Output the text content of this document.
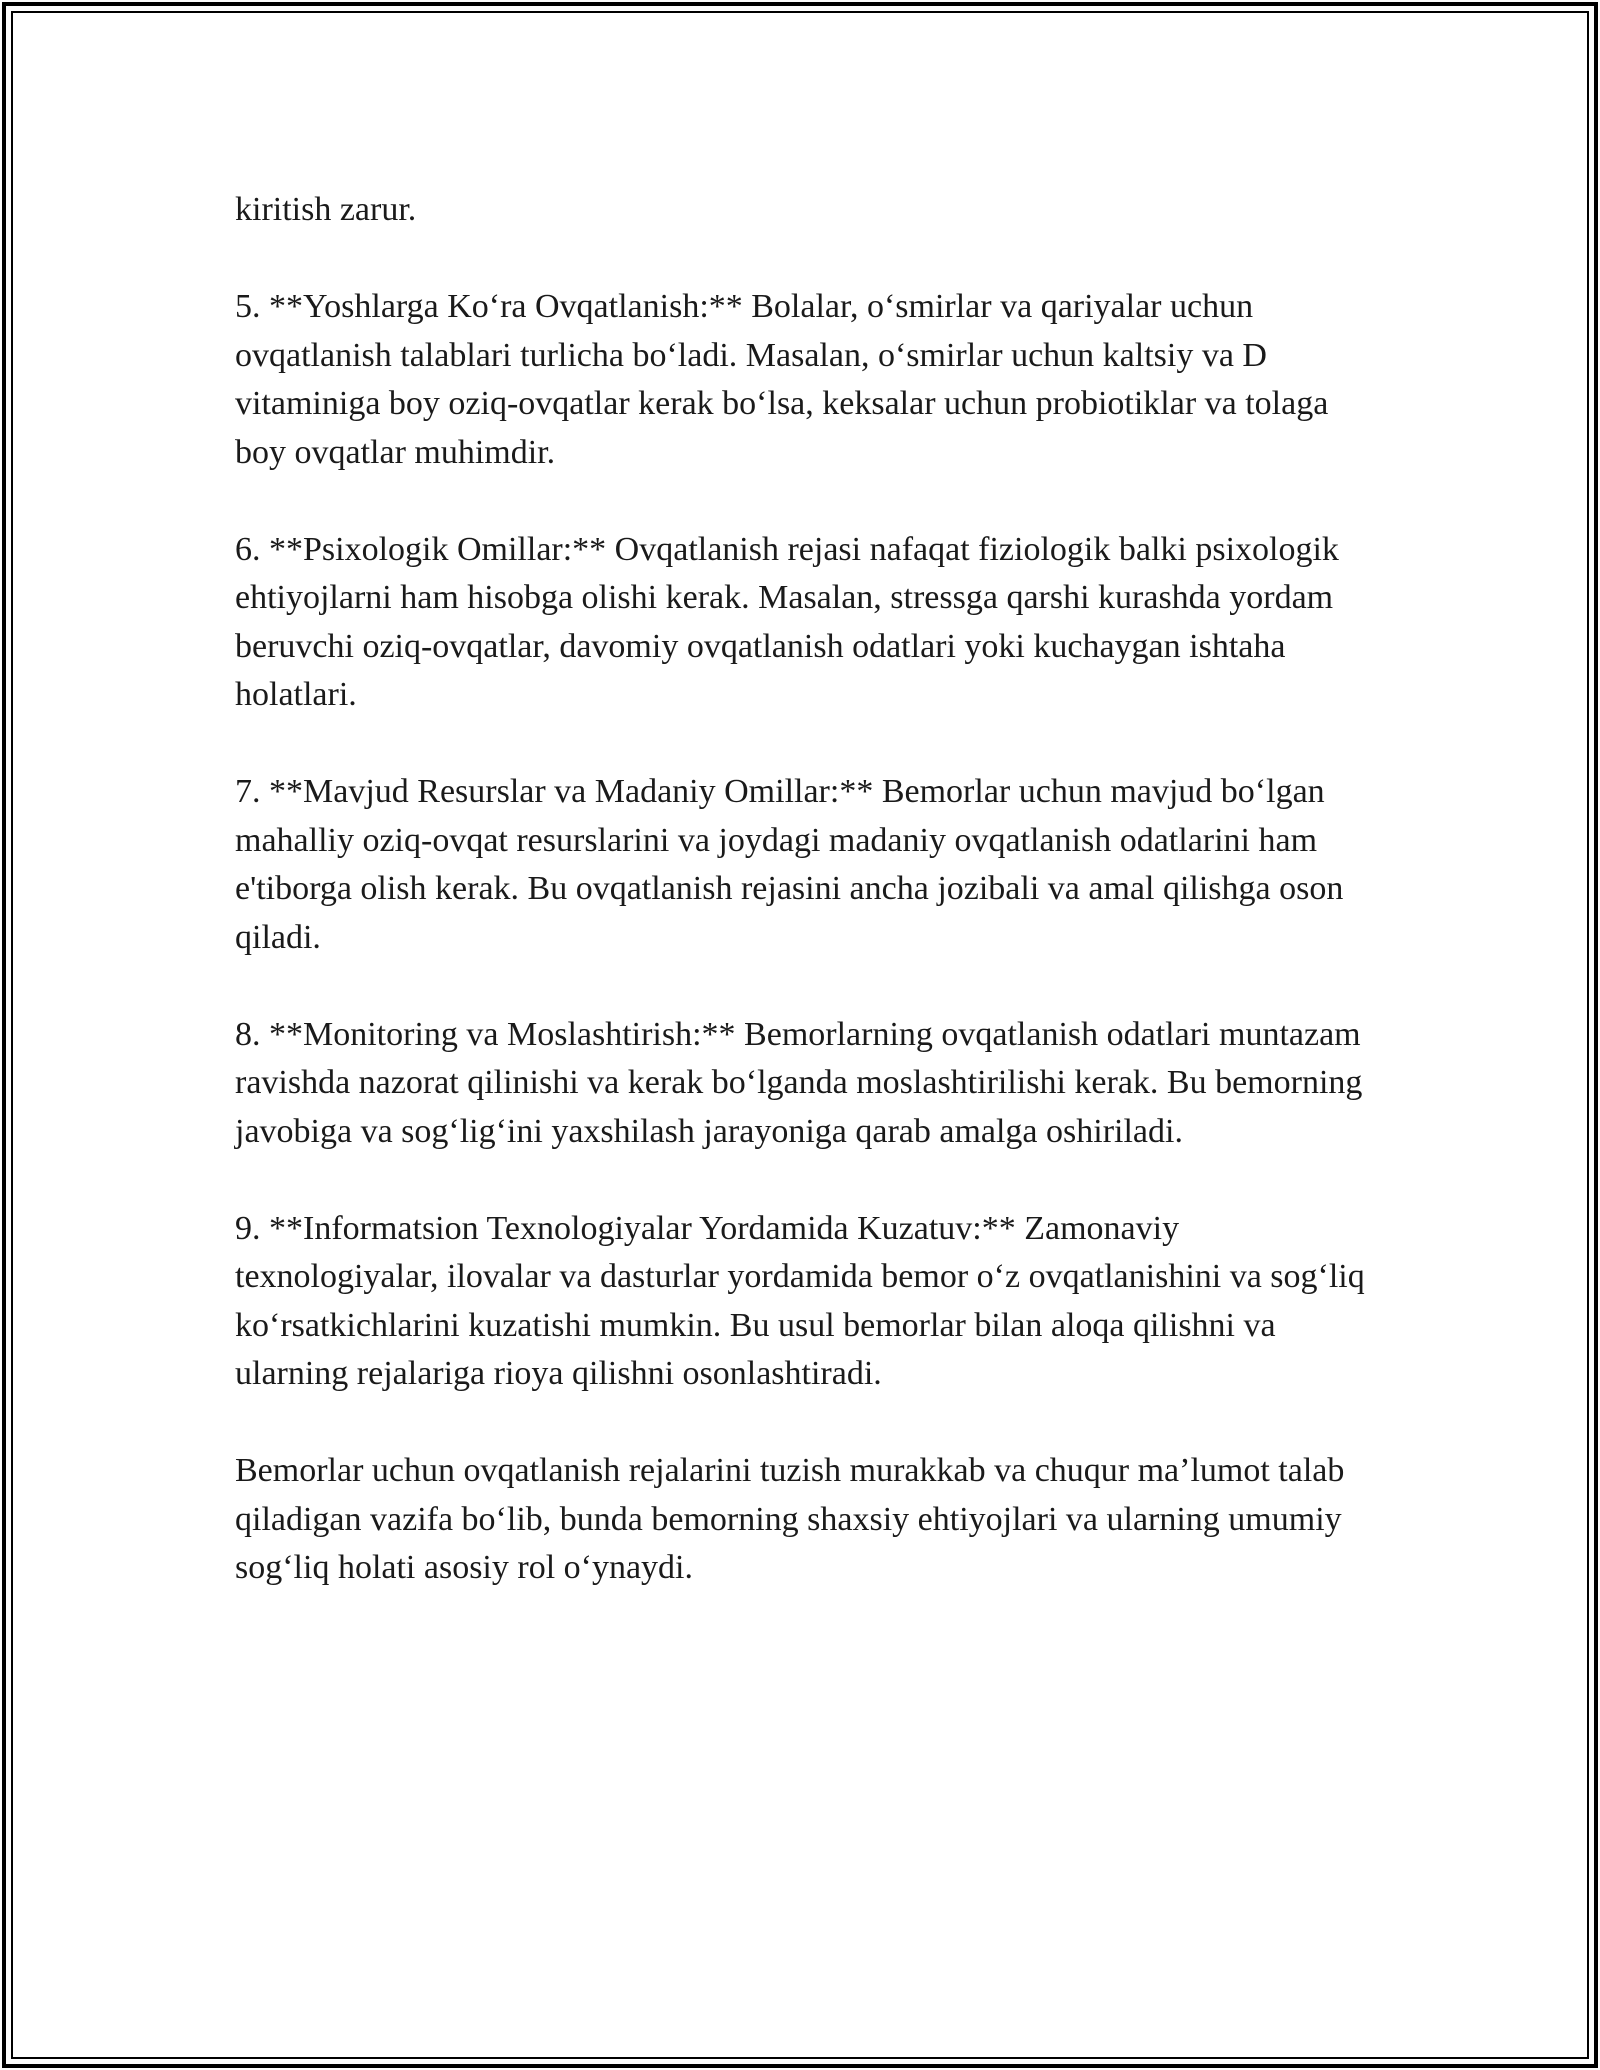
kiritish zarur.

5. **Yoshlarga Ko‘ra Ovqatlanish:** Bolalar, o‘smirlar va qariyalar uchun ovqatlanish talablari turlicha bo‘ladi. Masalan, o‘smirlar uchun kaltsiy va D vitaminiga boy oziq-ovqatlar kerak bo‘lsa, keksalar uchun probiotiklar va tolaga boy ovqatlar muhimdir.

6. **Psixologik Omillar:** Ovqatlanish rejasi nafaqat fiziologik balki psixologik ehtiyojlarni ham hisobga olishi kerak. Masalan, stressga qarshi kurashda yordam beruvchi oziq-ovqatlar, davomiy ovqatlanish odatlari yoki kuchaygan ishtaha holatlari.

7. **Mavjud Resurslar va Madaniy Omillar:** Bemorlar uchun mavjud bo‘lgan mahalliy oziq-ovqat resurslarini va joydagi madaniy ovqatlanish odatlarini ham e'tiborga olish kerak. Bu ovqatlanish rejasini ancha jozibali va amal qilishga oson qiladi.

8. **Monitoring va Moslashtirish:** Bemorlarning ovqatlanish odatlari muntazam ravishda nazorat qilinishi va kerak bo‘lganda moslashtirilishi kerak. Bu bemorning javobiga va sog‘lig‘ini yaxshilash jarayoniga qarab amalga oshiriladi.

9. **Informatsion Texnologiyalar Yordamida Kuzatuv:** Zamonaviy texnologiyalar, ilovalar va dasturlar yordamida bemor o‘z ovqatlanishini va sog‘liq ko‘rsatkichlarini kuzatishi mumkin. Bu usul bemorlar bilan aloqa qilishni va ularning rejalariga rioya qilishni osonlashtiradi.

Bemorlar uchun ovqatlanish rejalarini tuzish murakkab va chuqur ma’lumot talab qiladigan vazifa bo‘lib, bunda bemorning shaxsiy ehtiyojlari va ularning umumiy sog‘liq holati asosiy rol o‘ynaydi.
